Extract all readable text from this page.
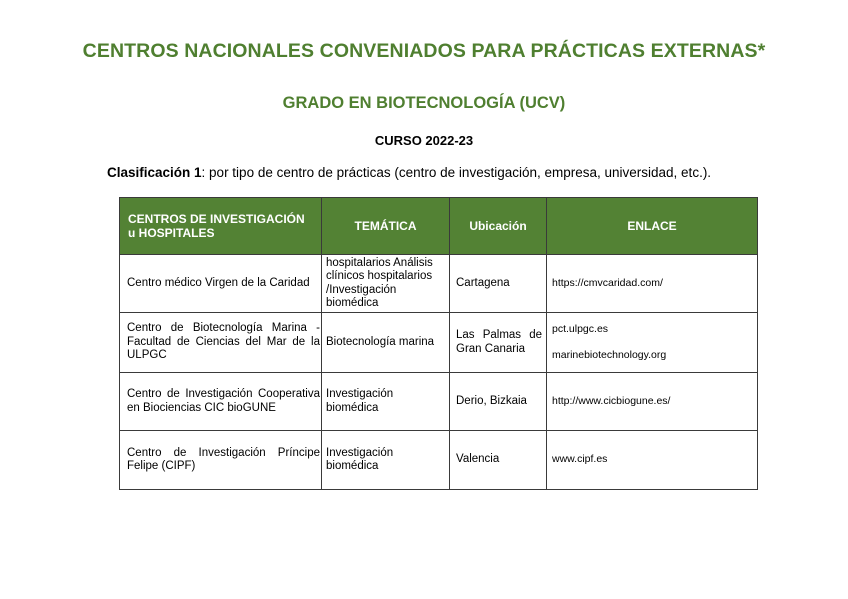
CENTROS NACIONALES CONVENIADOS PARA PRÁCTICAS EXTERNAS*
GRADO EN BIOTECNOLOGÍA (UCV)
CURSO 2022-23
Clasificación 1: por tipo de centro de prácticas (centro de investigación, empresa, universidad, etc.).
CENTROS DE INVESTIGACIÓN
u HOSPITALES	TEMÁTICA	Ubicación	ENLACE
Centro médico Virgen de la Caridad	hospitalarios Análisis
clínicos hospitalarios
/Investigación
biomédica	Cartagena	https://cmvcaridad.com/

Centro de Biotecnología Marina - Facultad de Ciencias del Mar de la ULPGC	Biotecnología marina	Las Palmas de Gran Canaria	pct.ulpgc.es
marinebiotechnology.org

Centro de Investigación Cooperativa en Biociencias CIC bioGUNE	Investigación
biomédica	Derio, Bizkaia	http://www.cicbiogune.es/

Centro de Investigación Príncipe Felipe (CIPF)	Investigación
biomédica	Valencia	www.cipf.es
